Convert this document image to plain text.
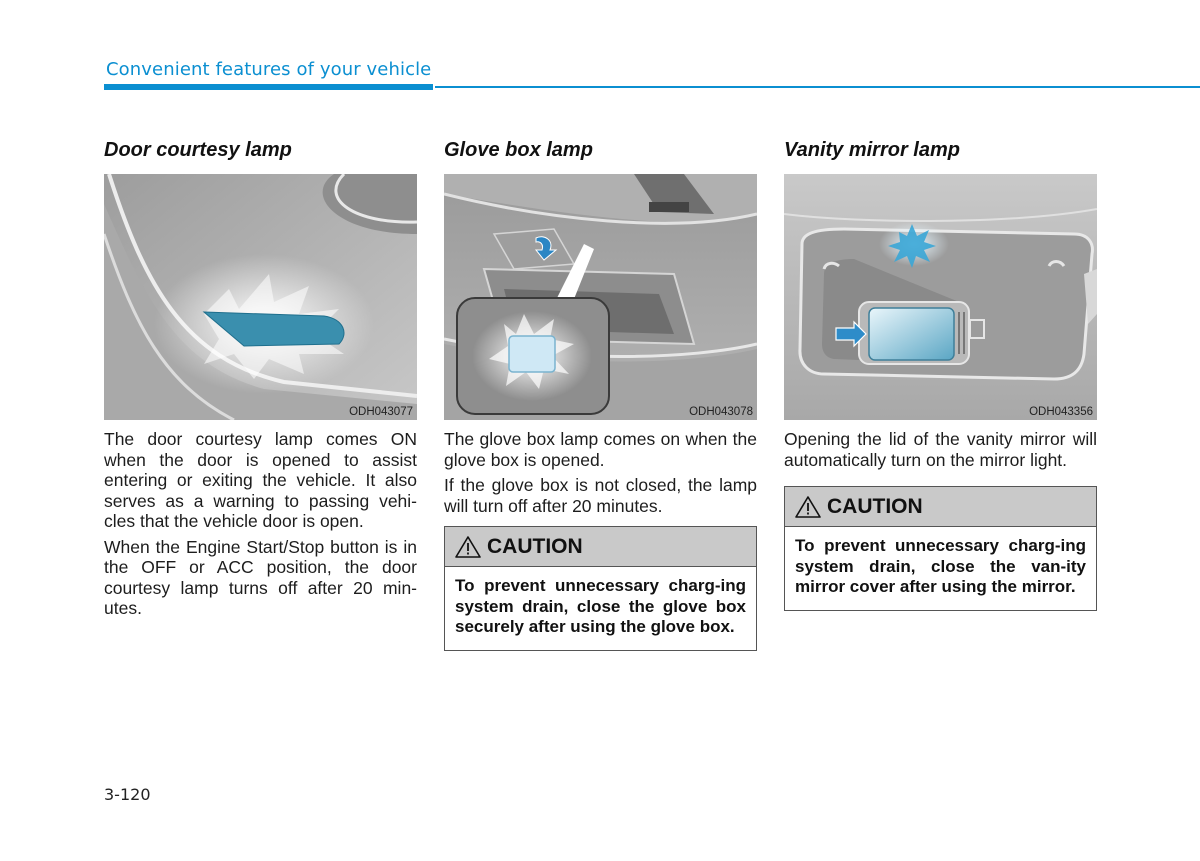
Convenient features of your vehicle
Door courtesy lamp
ODH043077

The door courtesy lamp comes ON when the door is opened to assist entering or exiting the vehicle. It also serves as a warning to passing vehi-cles that the vehicle door is open.

When the Engine Start/Stop button is in the OFF or ACC position, the door courtesy lamp turns off after 20 min-utes.

Glove box lamp
ODH043078

The glove box lamp comes on when the glove box is opened.

If the glove box is not closed, the lamp will turn off after 20 minutes.

CAUTION
To prevent unnecessary charg-ing system drain, close the glove box securely after using the glove box.
Vanity mirror lamp
ODH043356

Opening the lid of the vanity mirror will automatically turn on the mirror light.

CAUTION
To prevent unnecessary charg-ing system drain, close the van-ity mirror cover after using the mirror.
3-120
